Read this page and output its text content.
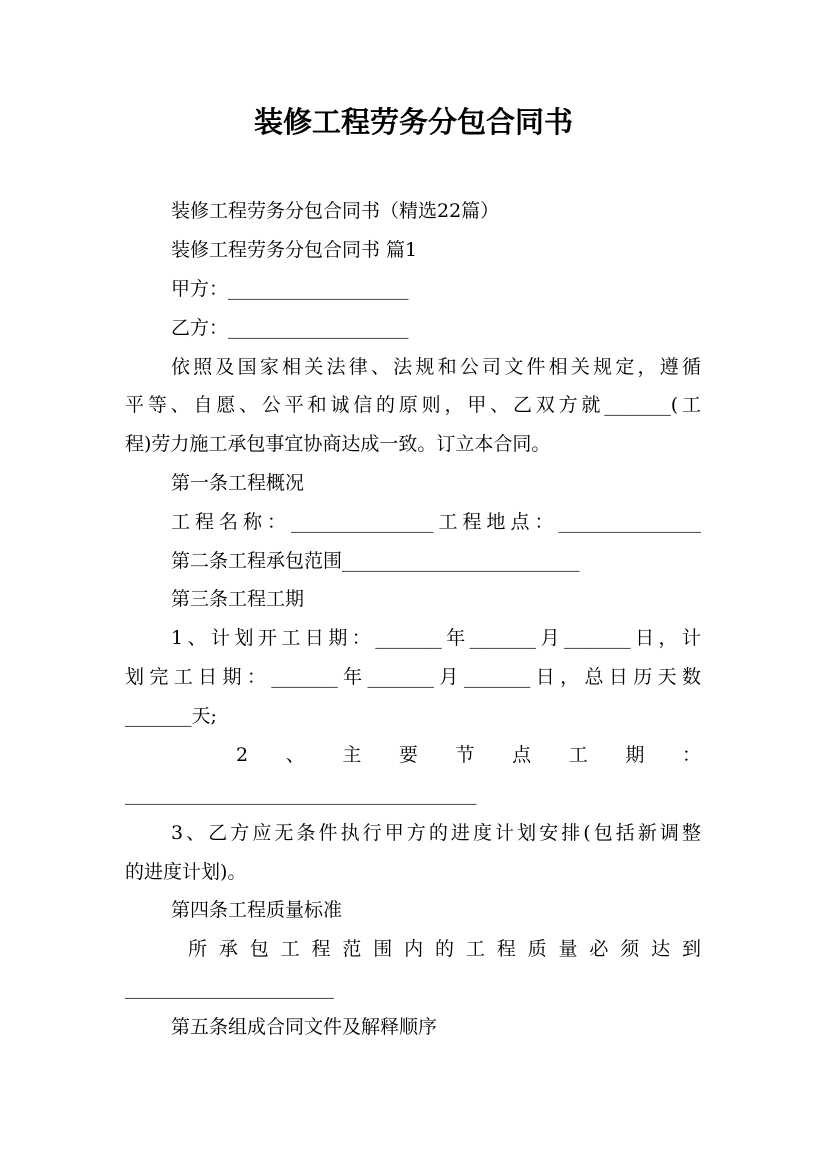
装修工程劳务分包合同书
装修工程劳务分包合同书（精选22篇）
装修工程劳务分包合同书 篇1
甲方：___________________
乙方：___________________
依照及国家相关法律、法规和公司文件相关规定，遵循
平等、自愿、公平和诚信的原则，甲、乙双方就_______(工
程)劳力施工承包事宜协商达成一致。订立本合同。
第一条工程概况
工程名称：_______________工程地点：_______________
第二条工程承包范围_________________________
第三条工程工期
1、计划开工日期：_______年_______月_______日，计
划完工日期：_______年_______月_______日，总日历天数
_______天;
2、主要节点工期：
_____________________________________
3、乙方应无条件执行甲方的进度计划安排(包括新调整
的进度计划)。
第四条工程质量标准
所承包工程范围内的工程质量必须达到
______________________
第五条组成合同文件及解释顺序
